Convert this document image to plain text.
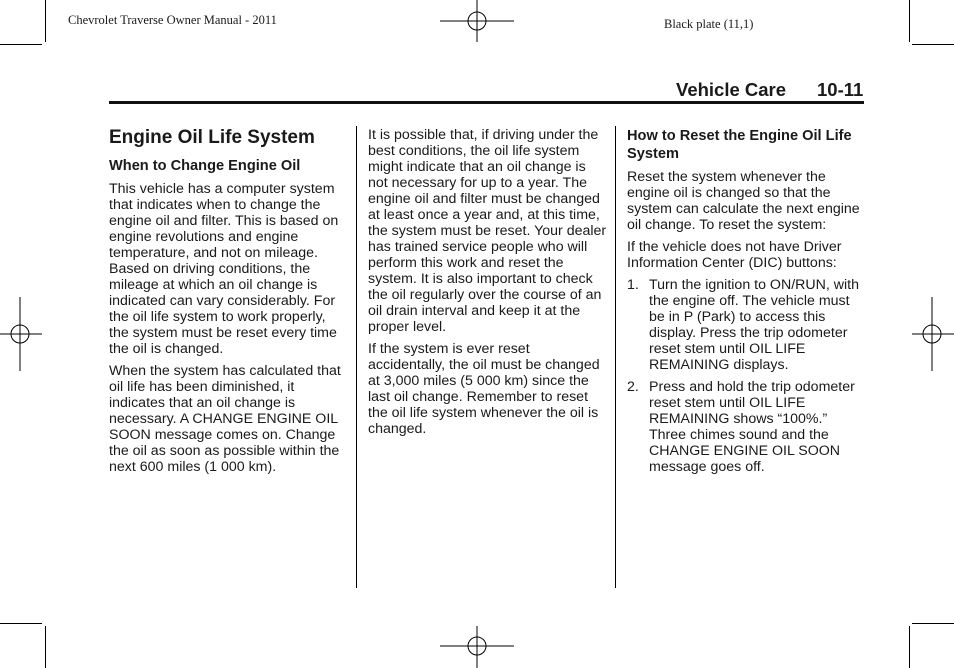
Chevrolet Traverse Owner Manual - 2011	Black plate (11,1)
Vehicle Care 10-11
Engine Oil Life System
When to Change Engine Oil

This vehicle has a computer system that indicates when to change the engine oil and filter. This is based on engine revolutions and engine temperature, and not on mileage. Based on driving conditions, the mileage at which an oil change is indicated can vary considerably. For the oil life system to work properly, the system must be reset every time the oil is changed.

When the system has calculated that oil life has been diminished, it indicates that an oil change is necessary. A CHANGE ENGINE OIL SOON message comes on. Change the oil as soon as possible within the next 600 miles (1 000 km).

It is possible that, if driving under the best conditions, the oil life system might indicate that an oil change is not necessary for up to a year. The engine oil and filter must be changed at least once a year and, at this time, the system must be reset. Your dealer has trained service people who will perform this work and reset the system. It is also important to check the oil regularly over the course of an oil drain interval and keep it at the proper level.

If the system is ever reset accidentally, the oil must be changed at 3,000 miles (5 000 km) since the last oil change. Remember to reset the oil life system whenever the oil is changed.

How to Reset the Engine Oil Life System

Reset the system whenever the engine oil is changed so that the system can calculate the next engine oil change. To reset the system:

If the vehicle does not have Driver Information Center (DIC) buttons:

1. Turn the ignition to ON/RUN, with the engine off. The vehicle must be in P (Park) to access this display. Press the trip odometer reset stem until OIL LIFE REMAINING displays.
2. Press and hold the trip odometer reset stem until OIL LIFE REMAINING shows “100%.” Three chimes sound and the CHANGE ENGINE OIL SOON message goes off.
